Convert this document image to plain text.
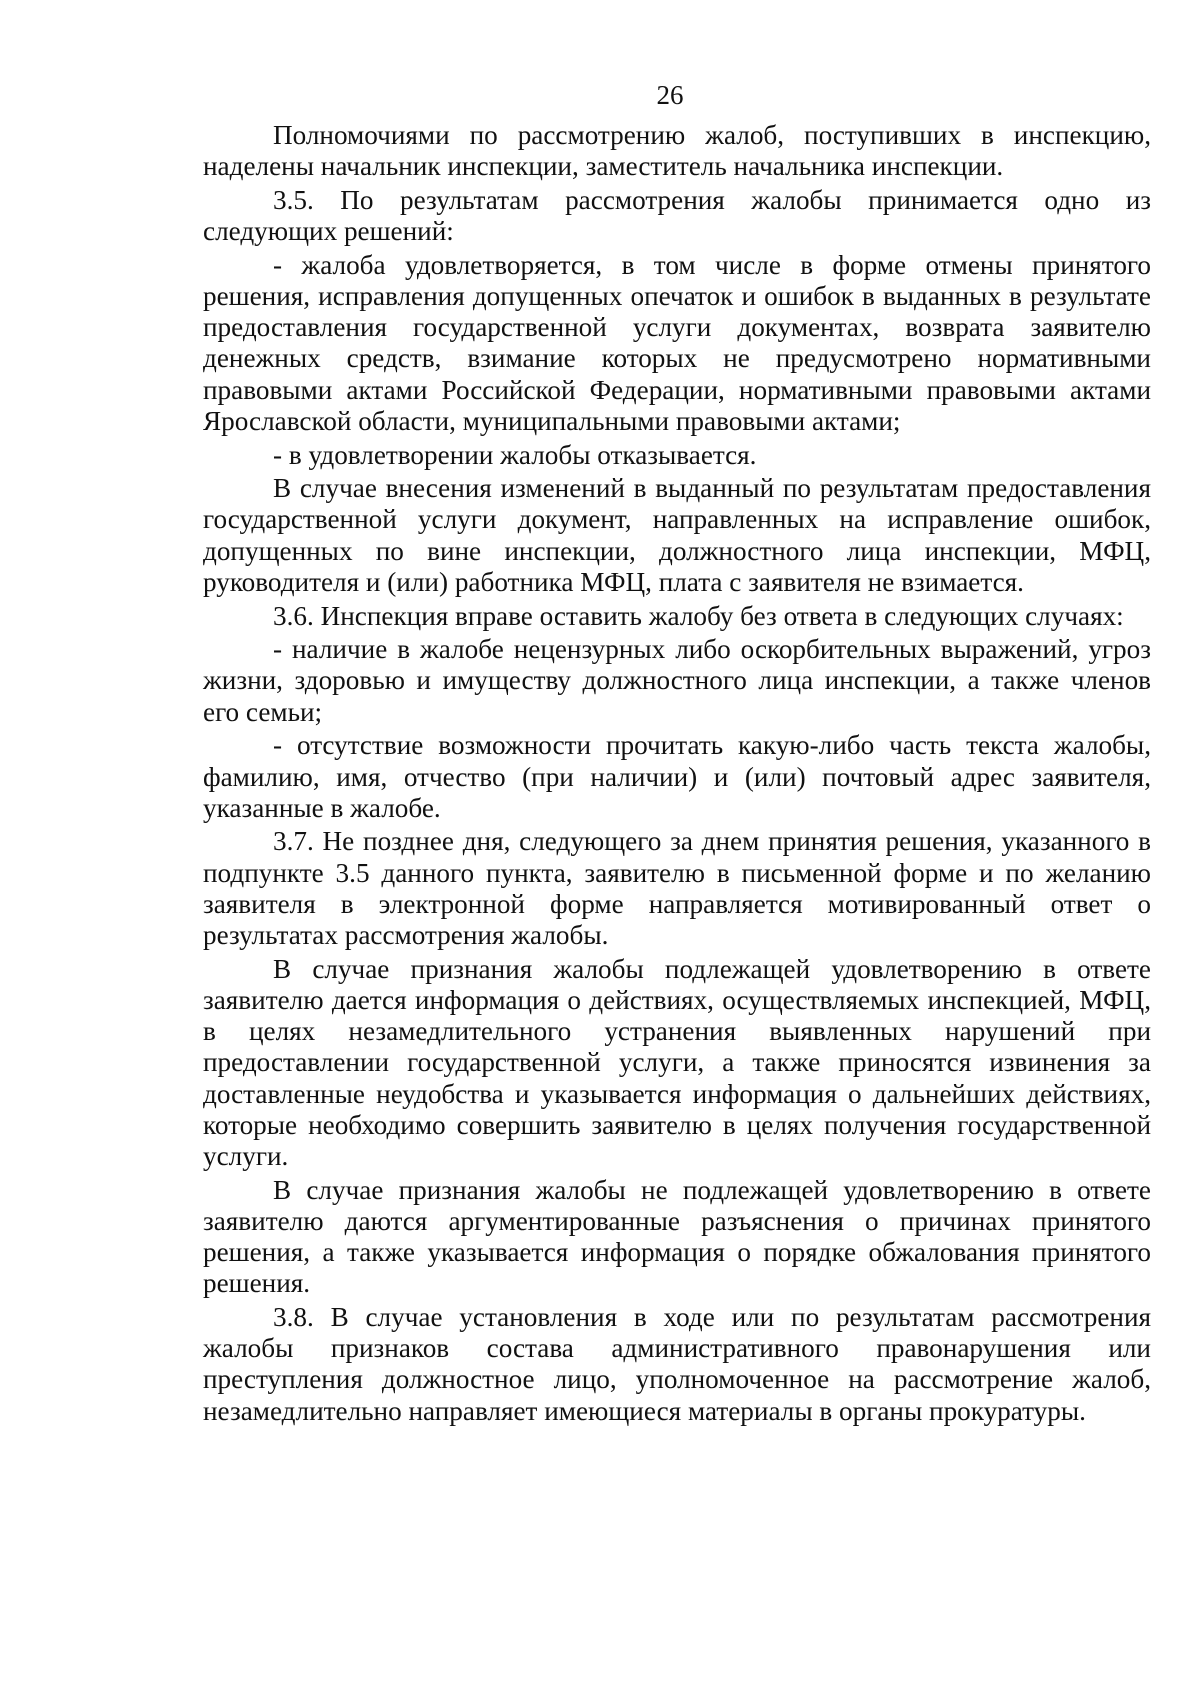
26

Полномочиями по рассмотрению жалоб, поступивших в инспекцию, наделены начальник инспекции, заместитель начальника инспекции.

3.5. По результатам рассмотрения жалобы принимается одно из следующих решений:

- жалоба удовлетворяется, в том числе в форме отмены принятого решения, исправления допущенных опечаток и ошибок в выданных в результате предоставления государственной услуги документах, возврата заявителю денежных средств, взимание которых не предусмотрено нормативными правовыми актами Российской Федерации, нормативными правовыми актами Ярославской области, муниципальными правовыми актами;

- в удовлетворении жалобы отказывается.

В случае внесения изменений в выданный по результатам предоставления государственной услуги документ, направленных на исправление ошибок, допущенных по вине инспекции, должностного лица инспекции, МФЦ, руководителя и (или) работника МФЦ, плата с заявителя не взимается.

3.6. Инспекция вправе оставить жалобу без ответа в следующих случаях:

- наличие в жалобе нецензурных либо оскорбительных выражений, угроз жизни, здоровью и имуществу должностного лица инспекции, а также членов его семьи;

- отсутствие возможности прочитать какую-либо часть текста жалобы, фамилию, имя, отчество (при наличии) и (или) почтовый адрес заявителя, указанные в жалобе.

3.7. Не позднее дня, следующего за днем принятия решения, указанного в подпункте 3.5 данного пункта, заявителю в письменной форме и по желанию заявителя в электронной форме направляется мотивированный ответ о результатах рассмотрения жалобы.

В случае признания жалобы подлежащей удовлетворению в ответе заявителю дается информация о действиях, осуществляемых инспекцией, МФЦ, в целях незамедлительного устранения выявленных нарушений при предоставлении государственной услуги, а также приносятся извинения за доставленные неудобства и указывается информация о дальнейших действиях, которые необходимо совершить заявителю в целях получения государственной услуги.

В случае признания жалобы не подлежащей удовлетворению в ответе заявителю даются аргументированные разъяснения о причинах принятого решения, а также указывается информация о порядке обжалования принятого решения.

3.8. В случае установления в ходе или по результатам рассмотрения жалобы признаков состава административного правонарушения или преступления должностное лицо, уполномоченное на рассмотрение жалоб, незамедлительно направляет имеющиеся материалы в органы прокуратуры.
